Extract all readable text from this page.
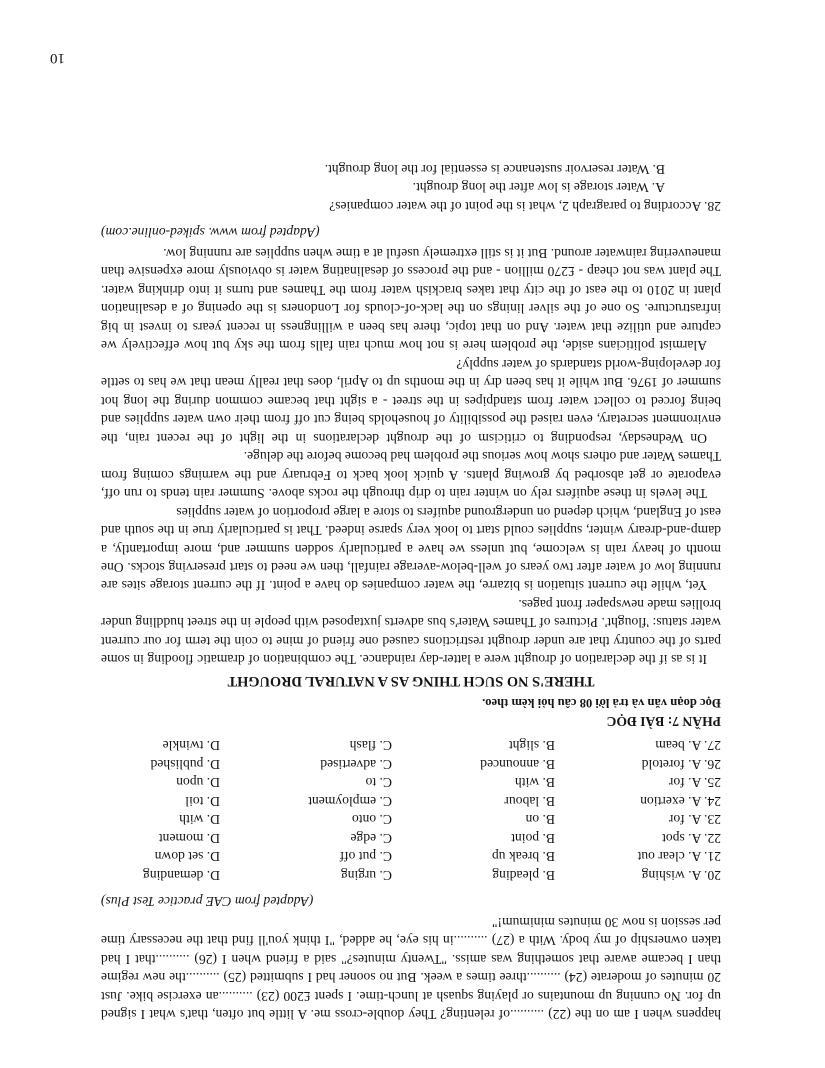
happens when I am on the (22) ..........of relenting? They double-cross me. A little but often, that's what I signed up for. No cunning up mountains or playing squash at lunch-time. I spent £200 (23) ..........an exercise bike. Just 20 minutes of moderate (24) ..........three times a week. But no sooner had I submitted (25) ..........the new regime than I became aware that something was amiss. "Twenty minutes?" said a friend when I (26) ..........that I had taken ownership of my body. With a (27) ..........in his eye, he added, "I think you'll find that the necessary time per session is now 30 minutes minimum!"

(Adapted from CAE practice Test Plus)

20. A. wishing	B. pleading	C. urging	D. demanding
21. A. clear out	B. break up	C. put off	D. set down
22. A. spot	B. point	C. edge	D. moment
23. A. for	B. on	C. onto	D. with
24. A. exertion	B. labour	C. employment	D. toil
25. A. for	B. with	C. to	D. upon
26. A. foretold	B. announced	C. advertised	D. published
27. A. beam	B. slight	C. flash	D. twinkle

PHẦN 7: BÀI ĐỌC

Đọc đoạn văn và trả lời 08 câu hỏi kèm theo.

THERE'S NO SUCH THING AS A NATURAL DROUGHT

It is as if the declaration of drought were a latter-day raindance. The combination of dramatic flooding in some parts of the country that are under drought restrictions caused one friend of mine to coin the term for our current water status: 'flought'. Pictures of Thames Water's bus adverts juxtaposed with people in the street huddling under brollies made newspaper front pages.

Yet, while the current situation is bizarre, the water companies do have a point. If the current storage sites are running low of water after two years of well-below-average rainfall, then we need to start preserving stocks. One month of heavy rain is welcome, but unless we have a particularly sodden summer and, more importantly, a damp-and-dreary winter, supplies could start to look very sparse indeed. That is particularly true in the south and east of England, which depend on underground aquifers to store a large proportion of water supplies

The levels in these aquifers rely on winter rain to drip through the rocks above. Summer rain tends to run off, evaporate or get absorbed by growing plants. A quick look back to February and the warnings coming from Thames Water and others show how serious the problem had become before the deluge.

On Wednesday, responding to criticism of the drought declarations in the light of the recent rain, the environment secretary, even raised the possibility of households being cut off from their own water supplies and being forced to collect water from standpipes in the street - a sight that became common during the long hot summer of 1976. But while it has been dry in the months up to April, does that really mean that we has to settle for developing-world standards of water supply?

Alarmist politicians aside, the problem here is not how much rain falls from the sky but how effectively we capture and utilize that water. And on that topic, there has been a willingness in recent years to invest in big infrastructure. So one of the silver linings on the lack-of-clouds for Londoners is the opening of a desalination plant in 2010 to the east of the city that takes brackish water from the Thames and turns it into drinking water. The plant was not cheap - £270 million - and the process of desalinating water is obviously more expensive than maneuvering rainwater around. But it is still extremely useful at a time when supplies are running low.

(Adapted from www. spiked-online.com)

28. According to paragraph 2, what is the point of the water companies?

A. Water storage is low after the long drought.

B. Water reservoir sustenance is essential for the long drought.

10
